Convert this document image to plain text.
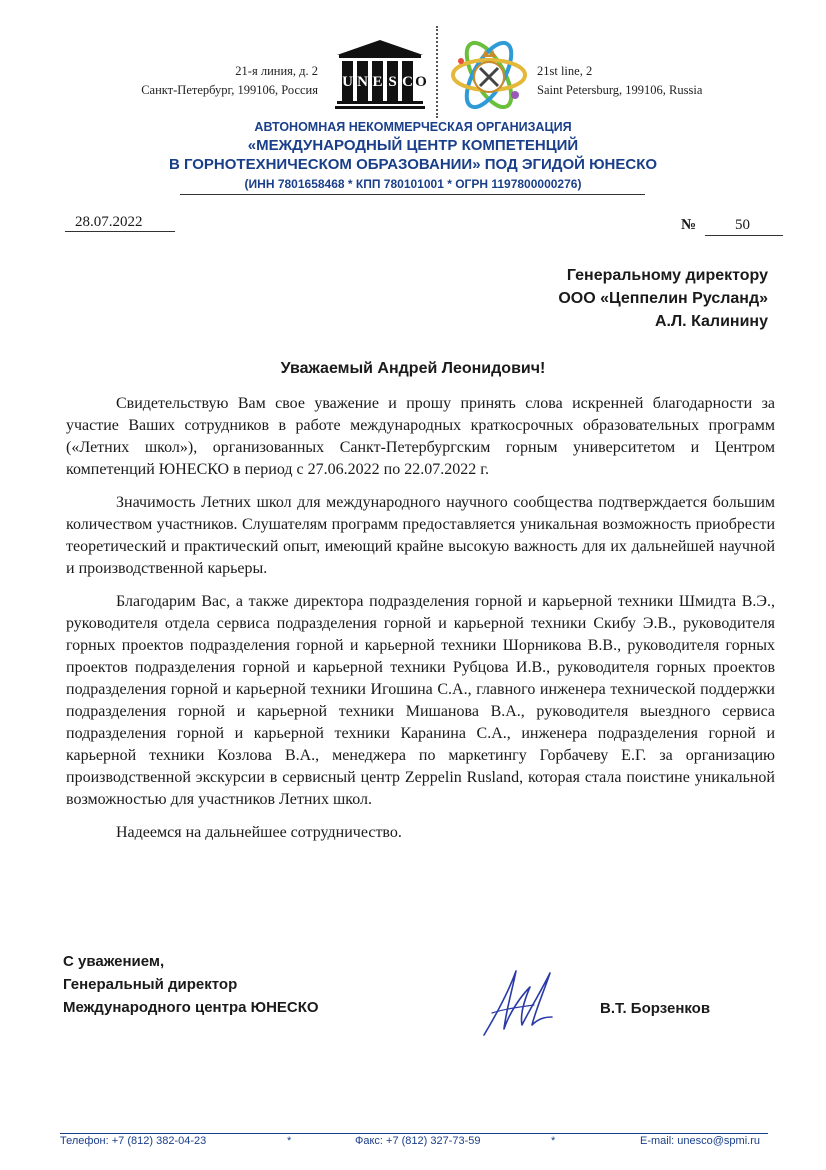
21-я линия, д. 2
Санкт-Петербург, 199106, Россия U N E S C O
21st line, 2
Saint Petersburg, 199106, Russia
АВТОНОМНАЯ НЕКОММЕРЧЕСКАЯ ОРГАНИЗАЦИЯ
«МЕЖДУНАРОДНЫЙ ЦЕНТР КОМПЕТЕНЦИЙ
В ГОРНОТЕХНИЧЕСКОМ ОБРАЗОВАНИИ» ПОД ЭГИДОЙ ЮНЕСКО
(ИНН 7801658468 * КПП 780101001 * ОГРН 1197800000276)
28.07.2022	№	50
Генеральному директору
ООО «Цеппелин Русланд»
А.Л. Калинину
Уважаемый Андрей Леонидович!

Свидетельствую Вам свое уважение и прошу принять слова искренней благодарности за участие Ваших сотрудников в работе международных краткосрочных образовательных программ («Летних школ»), организованных Санкт-Петербургским горным университетом и Центром компетенций ЮНЕСКО в период с 27.06.2022 по 22.07.2022 г.

Значимость Летних школ для международного научного сообщества подтверждается большим количеством участников. Слушателям программ предоставляется уникальная возможность приобрести теоретический и практический опыт, имеющий крайне высокую важность для их дальнейшей научной и производственной карьеры.

Благодарим Вас, а также директора подразделения горной и карьерной техники Шмидта В.Э., руководителя отдела сервиса подразделения горной и карьерной техники Скибу Э.В., руководителя горных проектов подразделения горной и карьерной техники Шорникова В.В., руководителя горных проектов подразделения горной и карьерной техники Рубцова И.В., руководителя горных проектов подразделения горной и карьерной техники Игошина С.А., главного инженера технической поддержки подразделения горной и карьерной техники Мишанова В.А., руководителя выездного сервиса подразделения горной и карьерной техники Каранина С.А., инженера подразделения горной и карьерной техники Козлова В.А., менеджера по маркетингу Горбачеву Е.Г. за организацию производственной экскурсии в сервисный центр Zeppelin Rusland, которая стала поистине уникальной возможностью для участников Летних школ.

Надеемся на дальнейшее сотрудничество.

С уважением,
Генеральный директор
Международного центра ЮНЕСКО	В.Т. Борзенков
Телефон: +7 (812) 382-04-23	*	Факс: +7 (812) 327-73-59	*	E-mail: unesco@spmi.ru
